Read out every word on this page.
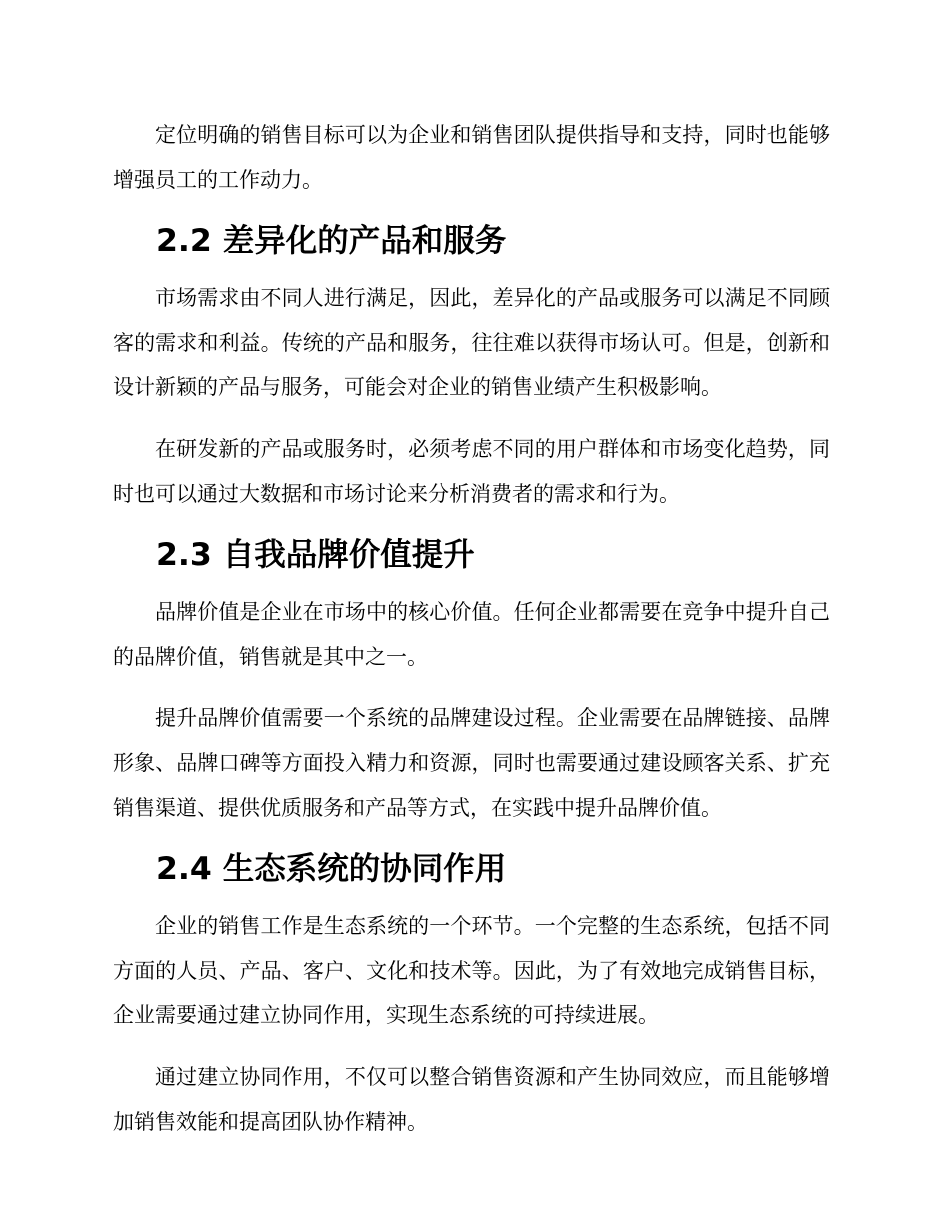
定位明确的销售目标可以为企业和销售团队提供指导和支持，同时也能够增强员工的工作动力。

2.2 差异化的产品和服务

市场需求由不同人进行满足，因此，差异化的产品或服务可以满足不同顾客的需求和利益。传统的产品和服务，往往难以获得市场认可。但是，创新和设计新颖的产品与服务，可能会对企业的销售业绩产生积极影响。

在研发新的产品或服务时，必须考虑不同的用户群体和市场变化趋势，同时也可以通过大数据和市场讨论来分析消费者的需求和行为。

2.3 自我品牌价值提升

品牌价值是企业在市场中的核心价值。任何企业都需要在竞争中提升自己的品牌价值，销售就是其中之一。

提升品牌价值需要一个系统的品牌建设过程。企业需要在品牌链接、品牌形象、品牌口碑等方面投入精力和资源，同时也需要通过建设顾客关系、扩充销售渠道、提供优质服务和产品等方式，在实践中提升品牌价值。

2.4 生态系统的协同作用

企业的销售工作是生态系统的一个环节。一个完整的生态系统，包括不同方面的人员、产品、客户、文化和技术等。因此，为了有效地完成销售目标，企业需要通过建立协同作用，实现生态系统的可持续进展。

通过建立协同作用，不仅可以整合销售资源和产生协同效应，而且能够增加销售效能和提高团队协作精神。
